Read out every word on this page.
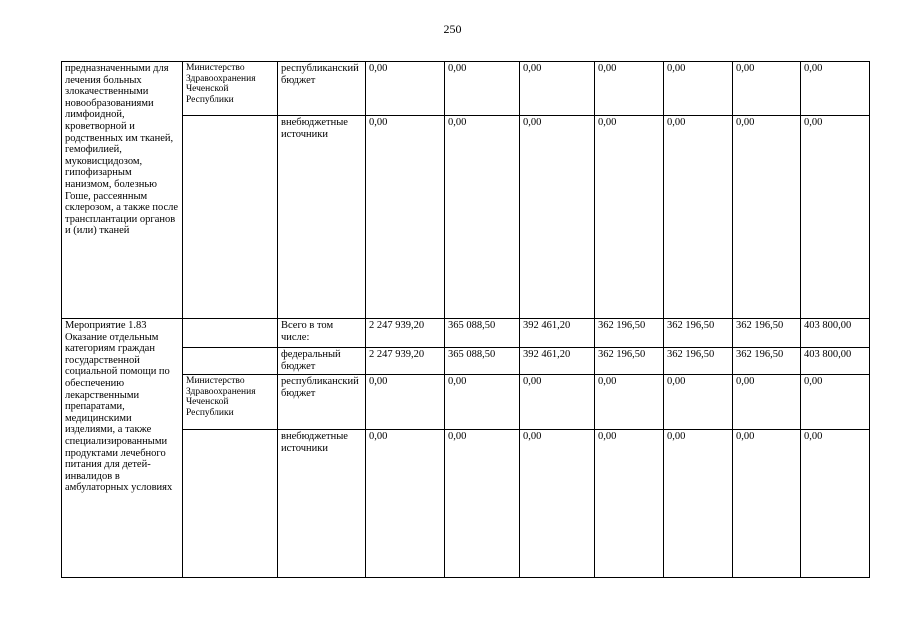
250
предназначенными для лечения больных злокачественными новообразованиями лимфоидной, кроветворной и родственных им тканей, гемофилией, муковисцидозом, гипофизарным нанизмом, болезнью Гоше, рассеянным склерозом, а также после трансплантации органов и (или) тканей	Министерство Здравоохранения Чеченской Республики	республиканский бюджет	0,00	0,00	0,00	0,00	0,00	0,00	0,00
		внебюджетные источники	0,00	0,00	0,00	0,00	0,00	0,00	0,00
Мероприятие 1.83 Оказание отдельным категориям граждан государственной социальной помощи по обеспечению лекарственными препаратами, медицинскими изделиями, а также специализированными продуктами лечебного питания для детей-инвалидов в амбулаторных условиях		Всего в том числе:	2 247 939,20	365 088,50	392 461,20	362 196,50	362 196,50	362 196,50	403 800,00
		федеральный бюджет	2 247 939,20	365 088,50	392 461,20	362 196,50	362 196,50	362 196,50	403 800,00
	Министерство Здравоохранения Чеченской Республики	республиканский бюджет	0,00	0,00	0,00	0,00	0,00	0,00	0,00
		внебюджетные источники	0,00	0,00	0,00	0,00	0,00	0,00	0,00
